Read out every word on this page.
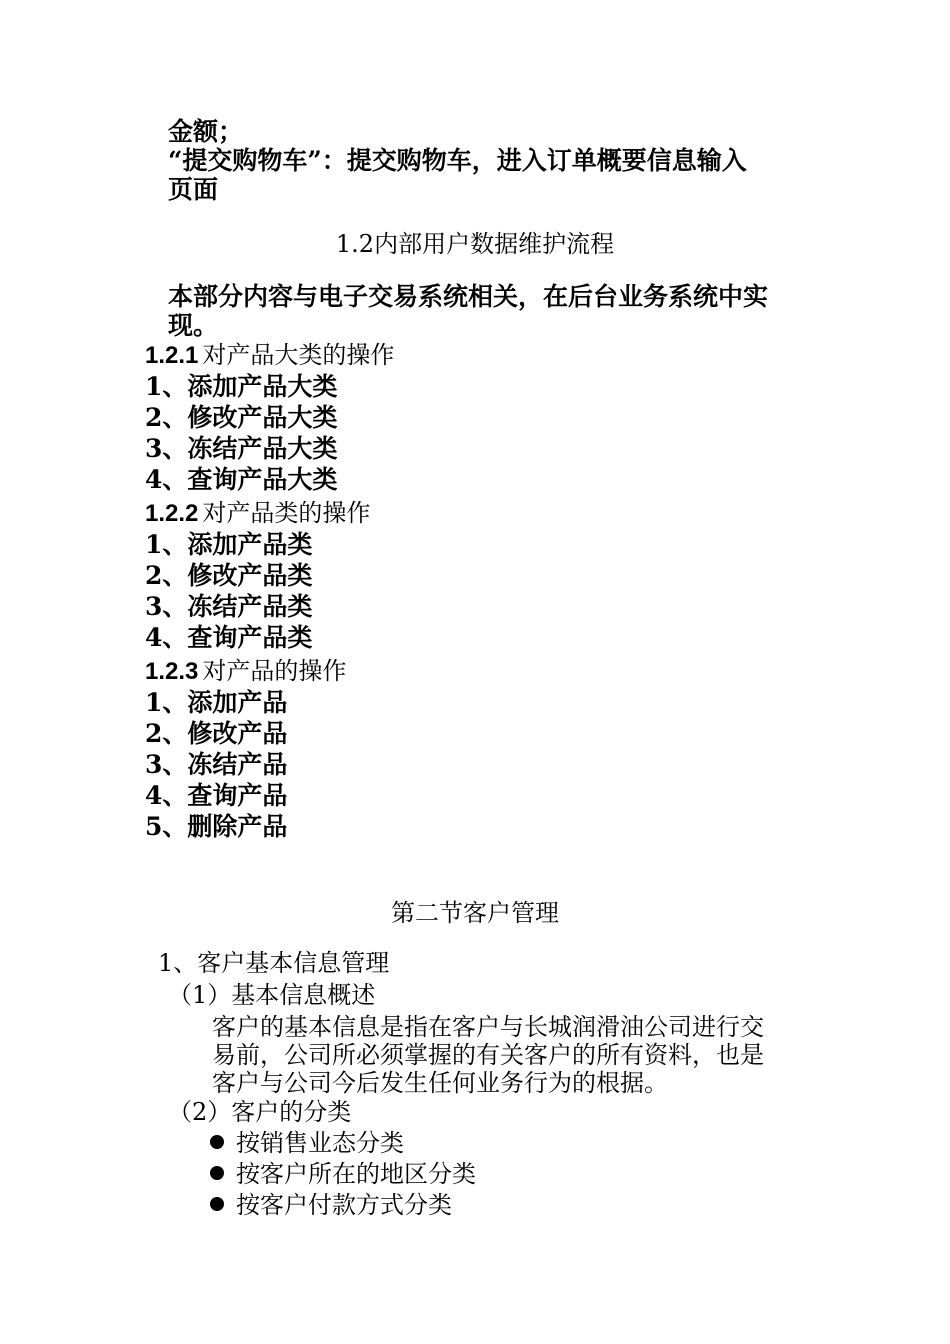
金额；
“提交购物车”：提交购物车，进入订单概要信息输入
页面
1.2内部用户数据维护流程
本部分内容与电子交易系统相关，在后台业务系统中实
现。
1.2.1 对产品大类的操作
1、添加产品大类
2、修改产品大类
3、冻结产品大类
4、查询产品大类
1.2.2 对产品类的操作
1、添加产品类
2、修改产品类
3、冻结产品类
4、查询产品类
1.2.3 对产品的操作
1、添加产品
2、修改产品
3、冻结产品
4、查询产品
5、删除产品
第二节客户管理
1、客户基本信息管理
（1）基本信息概述
客户的基本信息是指在客户与长城润滑油公司进行交
易前，公司所必须掌握的有关客户的所有资料，也是
客户与公司今后发生任何业务行为的根据。
（2）客户的分类
按销售业态分类
按客户所在的地区分类
按客户付款方式分类
